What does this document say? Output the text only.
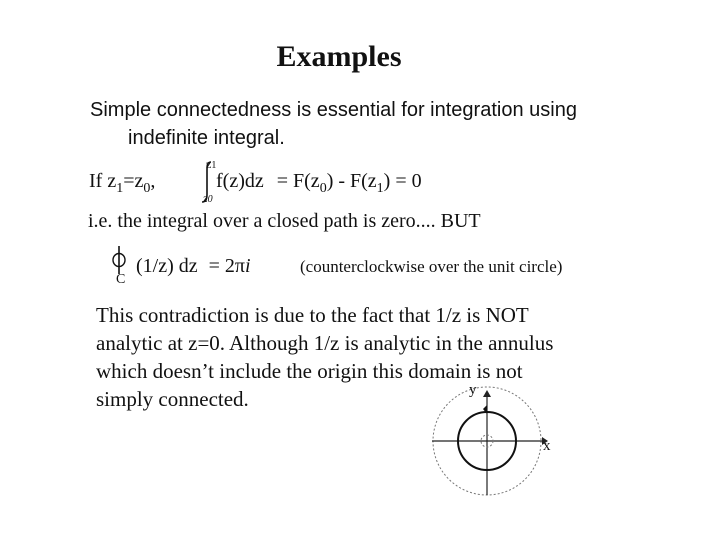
Examples
Simple connectedness is essential for integration using
indefinite integral.
If $z_1=z_0$,
z1
z0
$f(z)dz = F(z_0) - F(z_1) = 0$
i.e. the integral over a closed path is zero.... BUT
C
(1/z) dz = 2πi	(counterclockwise over the unit circle)
This contradiction is due to the fact that 1/z is NOT
analytic at z=0. Although 1/z is analytic in the annulus
which doesn’t include the origin this domain is not
simply connected.	y
x
